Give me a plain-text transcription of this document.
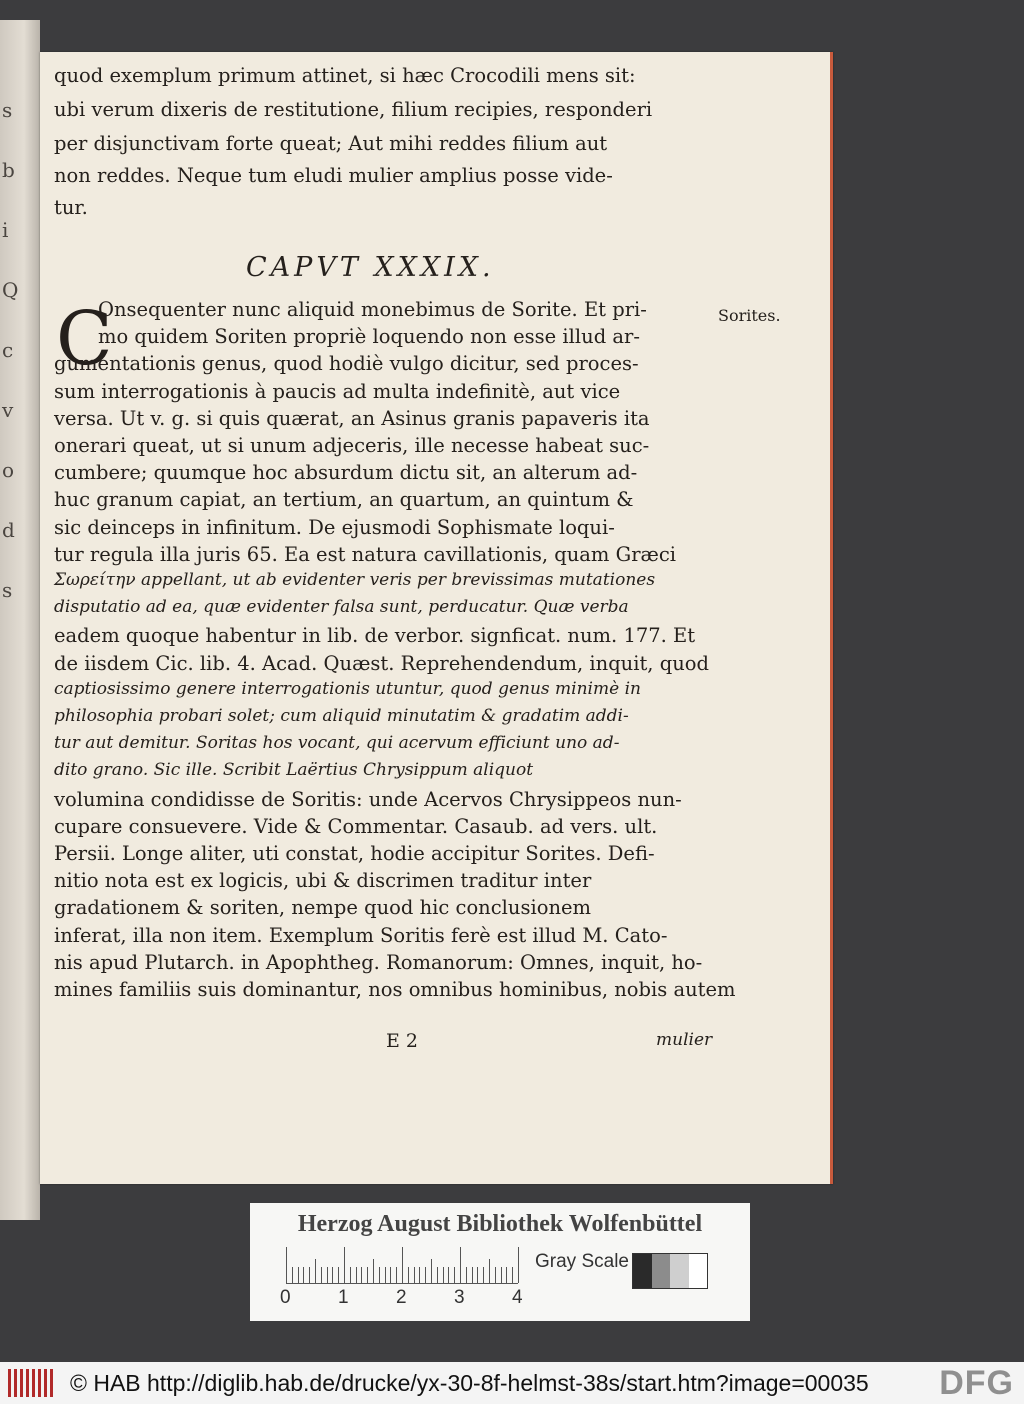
s
b
i
Q
c
v
o
d
s
CAPVT XXXIX.
C	Sorites.
E 2	mulier
quod exemplum primum attinet, si hæc Crocodili mens sit:
ubi verum dixeris de restitutione, filium recipies, responderi
per disjunctivam forte queat; Aut mihi reddes filium aut
non reddes. Neque tum eludi mulier amplius posse vide-
tur.
Onsequenter nunc aliquid monebimus de Sorite. Et pri-
mo quidem Soriten propriè loquendo non esse illud ar-
gumentationis genus, quod hodiè vulgo dicitur, sed proces-
sum interrogationis à paucis ad multa indefinitè, aut vice
versa. Ut v. g. si quis quærat, an Asinus granis papaveris ita
onerari queat, ut si unum adjeceris, ille necesse habeat suc-
cumbere; quumque hoc absurdum dictu sit, an alterum ad-
huc granum capiat, an tertium, an quartum, an quintum &
sic deinceps in infinitum. De ejusmodi Sophismate loqui-
tur regula illa juris 65. Ea est natura cavillationis, quam Græci
Σωρείτην appellant, ut ab evidenter veris per brevissimas mutationes
disputatio ad ea, quæ evidenter falsa sunt, perducatur. Quæ verba
eadem quoque habentur in lib. de verbor. signficat. num. 177. Et
de iisdem Cic. lib. 4. Acad. Quæst. Reprehendendum, inquit, quod
captiosissimo genere interrogationis utuntur, quod genus minimè in
philosophia probari solet; cum aliquid minutatim & gradatim addi-
tur aut demitur. Soritas hos vocant, qui acervum efficiunt uno ad-
dito grano. Sic ille. Scribit Laërtius Chrysippum aliquot
volumina condidisse de Soritis: unde Acervos Chrysippeos nun-
cupare consuevere. Vide & Commentar. Casaub. ad vers. ult.
Persii. Longe aliter, uti constat, hodie accipitur Sorites. Defi-
nitio nota est ex logicis, ubi & discrimen traditur inter
gradationem & soriten, nempe quod hic conclusionem
inferat, illa non item. Exemplum Soritis ferè est illud M. Cato-
nis apud Plutarch. in Apophtheg. Romanorum: Omnes, inquit, ho-
mines familiis suis dominantur, nos omnibus hominibus, nobis autem
Herzog August Bibliothek Wolfenbüttel
Gray Scale
0 1 2 3 4
© HAB http://diglib.hab.de/drucke/yx-30-8f-helmst-38s/start.htm?image=00035 DFG
